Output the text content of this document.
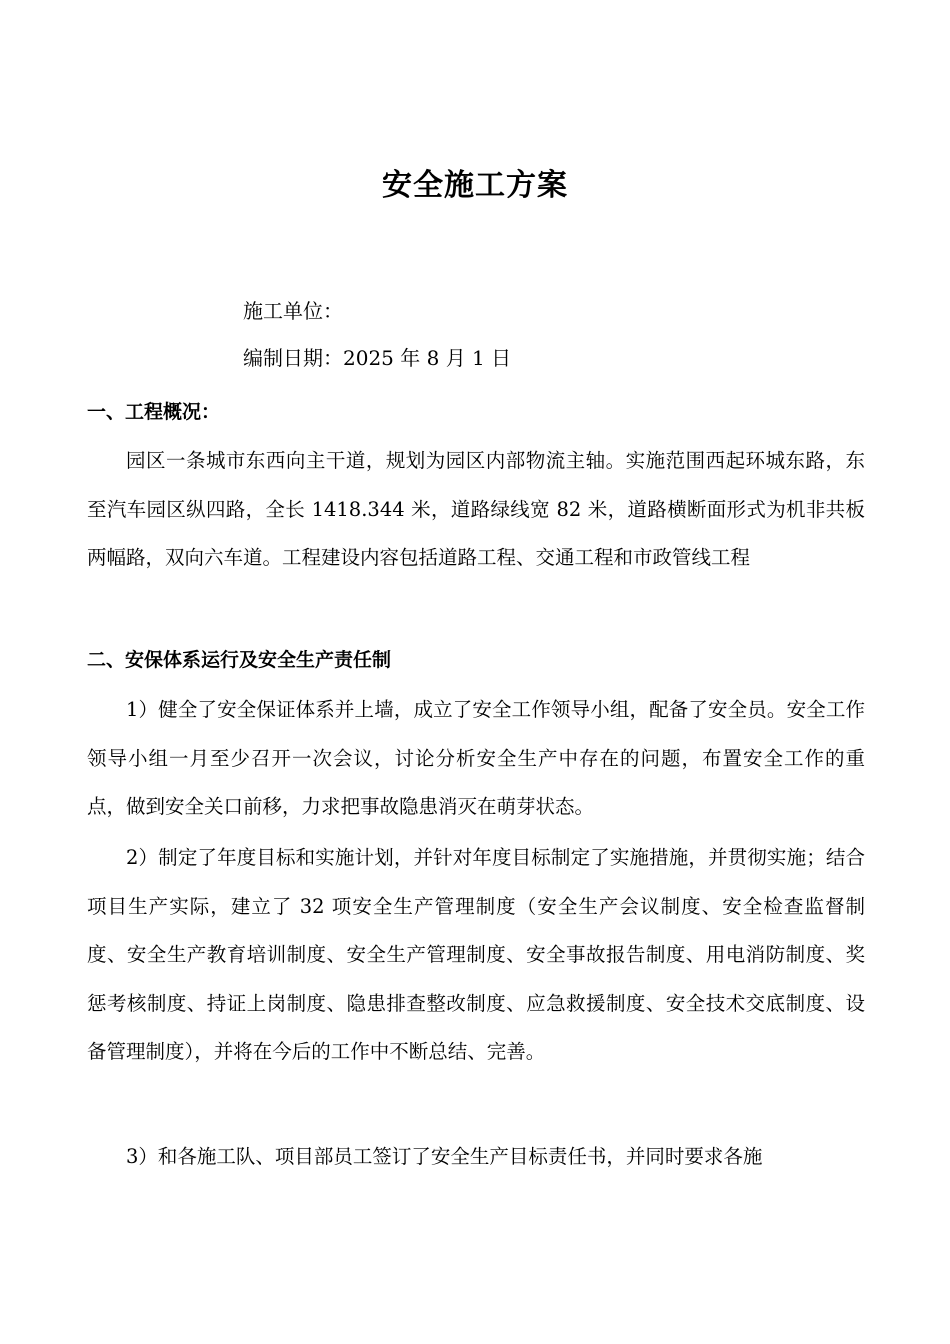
安全施工方案
施工单位：
编制日期：2025 年 8 月 1 日
一、工程概况：

园区一条城市东西向主干道，规划为园区内部物流主轴。实施范围西起环城东路，东至汽车园区纵四路，全长 1418.344 米，道路绿线宽 82 米，道路横断面形式为机非共板两幅路，双向六车道。工程建设内容包括道路工程、交通工程和市政管线工程

二、安保体系运行及安全生产责任制

1）健全了安全保证体系并上墙，成立了安全工作领导小组，配备了安全员。安全工作领导小组一月至少召开一次会议，讨论分析安全生产中存在的问题，布置安全工作的重点，做到安全关口前移，力求把事故隐患消灭在萌芽状态。

2）制定了年度目标和实施计划，并针对年度目标制定了实施措施，并贯彻实施；结合项目生产实际，建立了 32 项安全生产管理制度（安全生产会议制度、安全检查监督制度、安全生产教育培训制度、安全生产管理制度、安全事故报告制度、用电消防制度、奖惩考核制度、持证上岗制度、隐患排查整改制度、应急救援制度、安全技术交底制度、设备管理制度），并将在今后的工作中不断总结、完善。

3）和各施工队、项目部员工签订了安全生产目标责任书，并同时要求各施
